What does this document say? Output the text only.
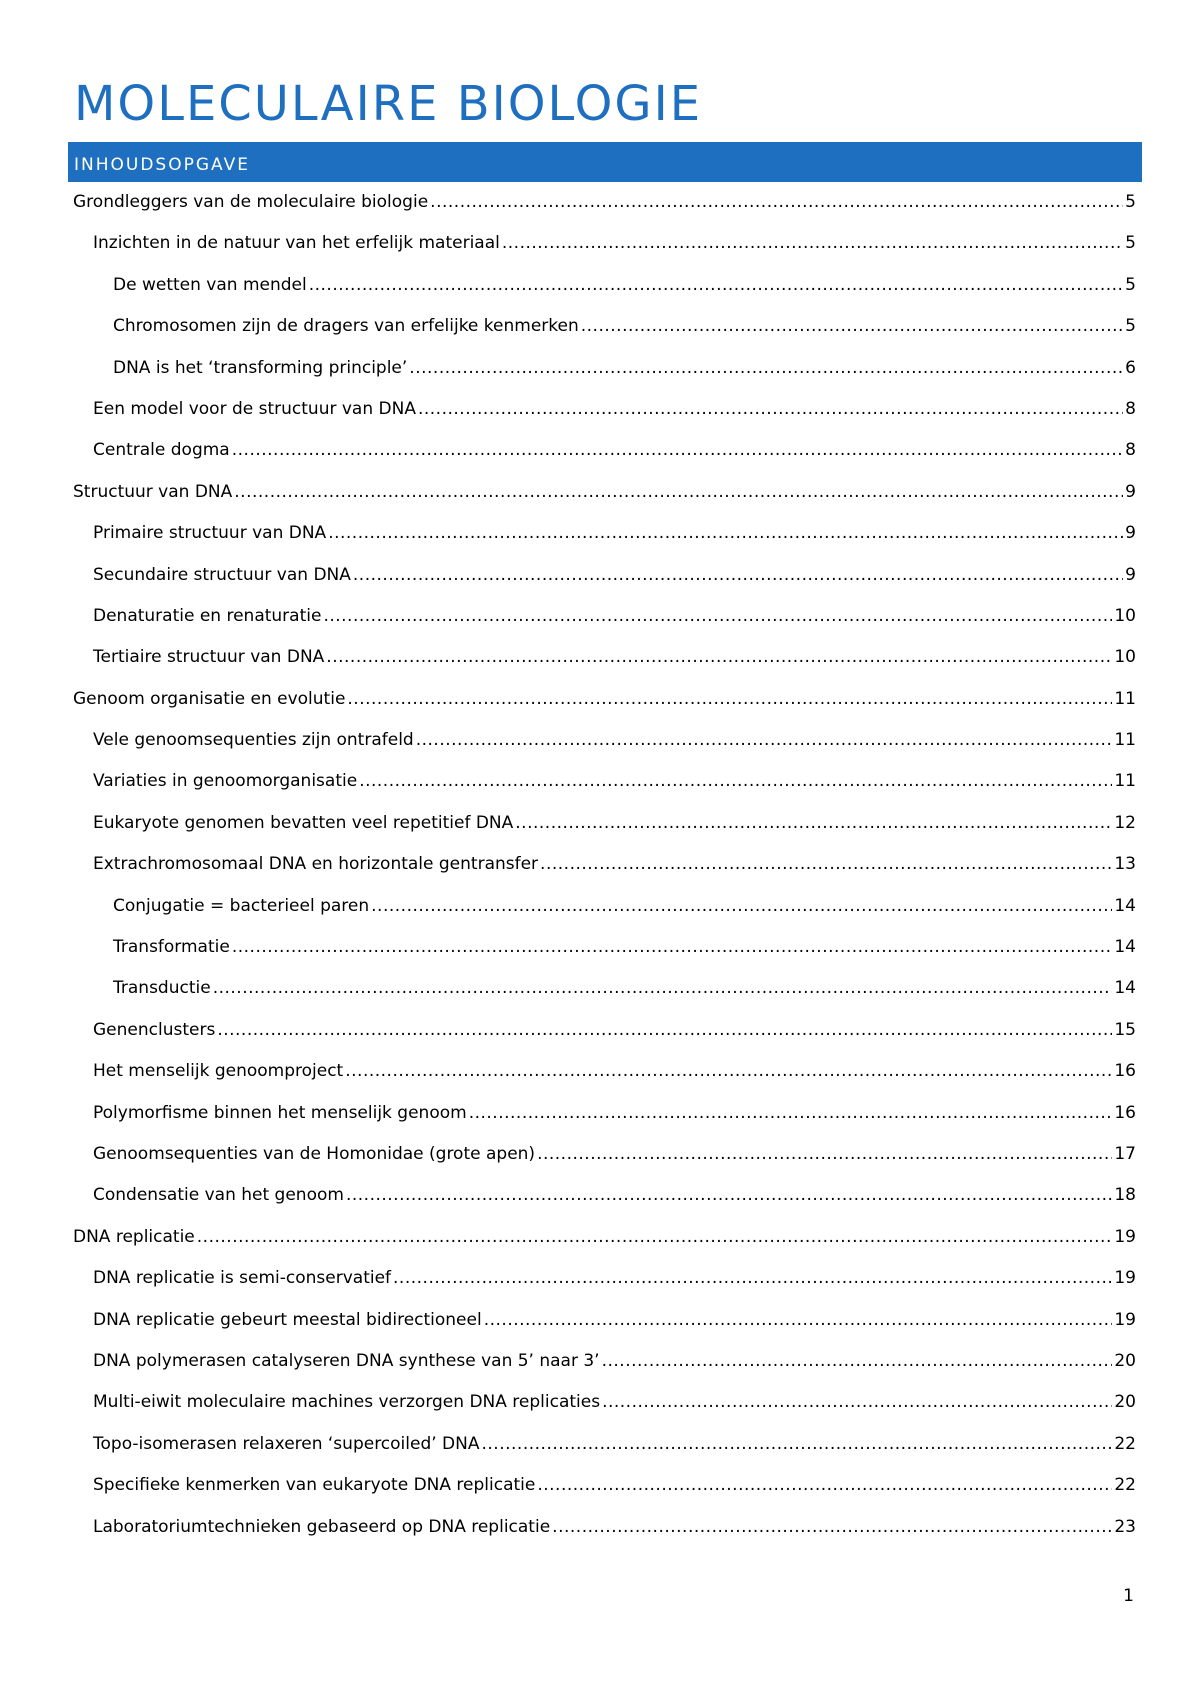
MOLECULAIRE BIOLOGIE
INHOUDSOPGAVE
Grondleggers van de moleculaire biologie .....	5
Inzichten in de natuur van het erfelijk materiaal .....	5
De wetten van mendel .....	5
Chromosomen zijn de dragers van erfelijke kenmerken .....	5
DNA is het ‘transforming principle’ .....	6
Een model voor de structuur van DNA .....	8
Centrale dogma .....	8
Structuur van DNA .....	9
Primaire structuur van DNA .....	9
Secundaire structuur van DNA .....	9
Denaturatie en renaturatie .....	10
Tertiaire structuur van DNA .....	10
Genoom organisatie en evolutie .....	11
Vele genoomsequenties zijn ontrafeld .....	11
Variaties in genoomorganisatie .....	11
Eukaryote genomen bevatten veel repetitief DNA .....	12
Extrachromosomaal DNA en horizontale gentransfer .....	13
Conjugatie = bacterieel paren .....	14
Transformatie .....	14
Transductie .....	14
Genenclusters .....	15
Het menselijk genoomproject .....	16
Polymorfisme binnen het menselijk genoom .....	16
Genoomsequenties van de Homonidae (grote apen) .....	17
Condensatie van het genoom .....	18
DNA replicatie .....	19
DNA replicatie is semi-conservatief .....	19
DNA replicatie gebeurt meestal bidirectioneel .....	19
DNA polymerasen catalyseren DNA synthese van 5’ naar 3’ .....	20
Multi-eiwit moleculaire machines verzorgen DNA replicaties .....	20
Topo-isomerasen relaxeren ‘supercoiled’ DNA .....	22
Specifieke kenmerken van eukaryote DNA replicatie .....	22
Laboratoriumtechnieken gebaseerd op DNA replicatie .....	23
1
